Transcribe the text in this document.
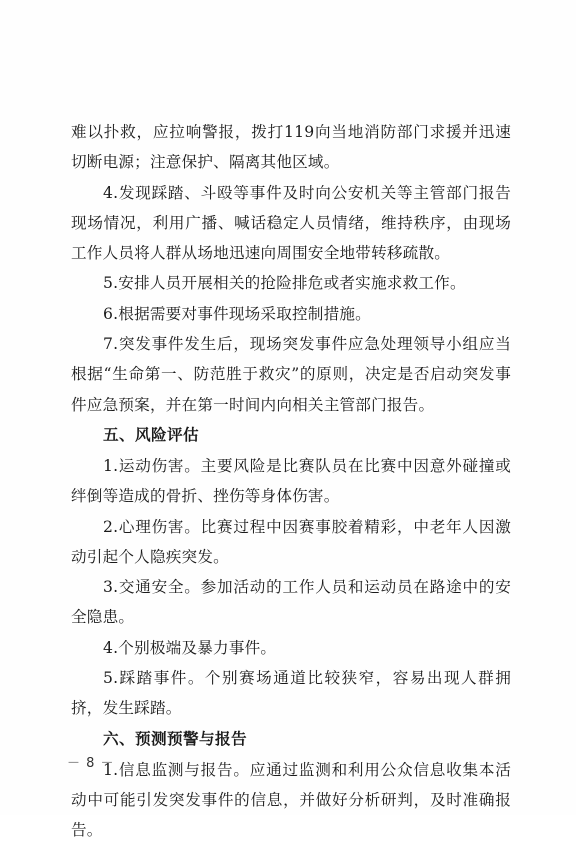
难以扑救，应拉响警报，拨打119向当地消防部门求援并迅速切断电源；注意保护、隔离其他区域。

4.发现踩踏、斗殴等事件及时向公安机关等主管部门报告现场情况，利用广播、喊话稳定人员情绪，维持秩序，由现场工作人员将人群从场地迅速向周围安全地带转移疏散。

5.安排人员开展相关的抢险排危或者实施求救工作。

6.根据需要对事件现场采取控制措施。

7.突发事件发生后，现场突发事件应急处理领导小组应当根据“生命第一、防范胜于救灾”的原则，决定是否启动突发事件应急预案，并在第一时间内向相关主管部门报告。

五、风险评估

1.运动伤害。主要风险是比赛队员在比赛中因意外碰撞或绊倒等造成的骨折、挫伤等身体伤害。

2.心理伤害。比赛过程中因赛事胶着精彩，中老年人因激动引起个人隐疾突发。

3.交通安全。参加活动的工作人员和运动员在路途中的安全隐患。

4.个别极端及暴力事件。

5.踩踏事件。个别赛场通道比较狭窄，容易出现人群拥挤，发生踩踏。

六、预测预警与报告

1.信息监测与报告。应通过监测和利用公众信息收集本活动中可能引发突发事件的信息，并做好分析研判，及时准确报告。

－ 8 －
